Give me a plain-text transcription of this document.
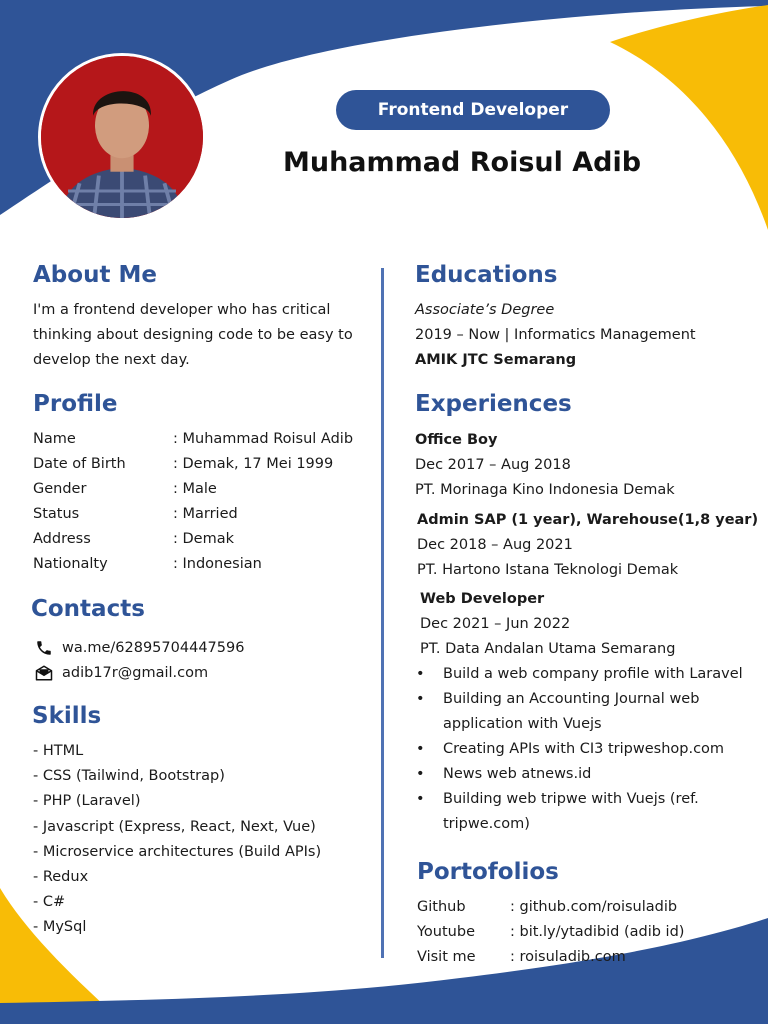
Frontend Developer
Muhammad Roisul Adib
About Me
I'm a frontend developer who has critical thinking about designing code to be easy to develop the next day.
Profile
Name	: Muhammad Roisul Adib
Date of Birth	: Demak, 17 Mei 1999
Gender	: Male
Status	: Married
Address	: Demak
Nationalty	: Indonesian
Contacts
wa.me/62895704447596
adib17r@gmail.com
Skills
- HTML
- CSS (Tailwind, Bootstrap)
- PHP (Laravel)
- Javascript (Express, React, Next, Vue)
- Microservice architectures (Build APIs)
- Redux
- C#
- MySql
Educations
Associate’s Degree
2019 – Now | Informatics Management
AMIK JTC Semarang
Experiences
Office Boy
Dec 2017 – Aug 2018
PT. Morinaga Kino Indonesia Demak
Admin SAP (1 year), Warehouse(1,8 year)
Dec 2018 – Aug 2021
PT. Hartono Istana Teknologi Demak
Web Developer
Dec 2021 – Jun 2022
PT. Data Andalan Utama Semarang
•
Build a web company profile with Laravel
•
Building an Accounting Journal web application with Vuejs
•
Creating APIs with CI3 tripweshop.com
•
News web atnews.id
•
Building web tripwe with Vuejs (ref. tripwe.com)
Portofolios
Github	: github.com/roisuladib
Youtube	: bit.ly/ytadibid (adib id)
Visit me	: roisuladib.com
